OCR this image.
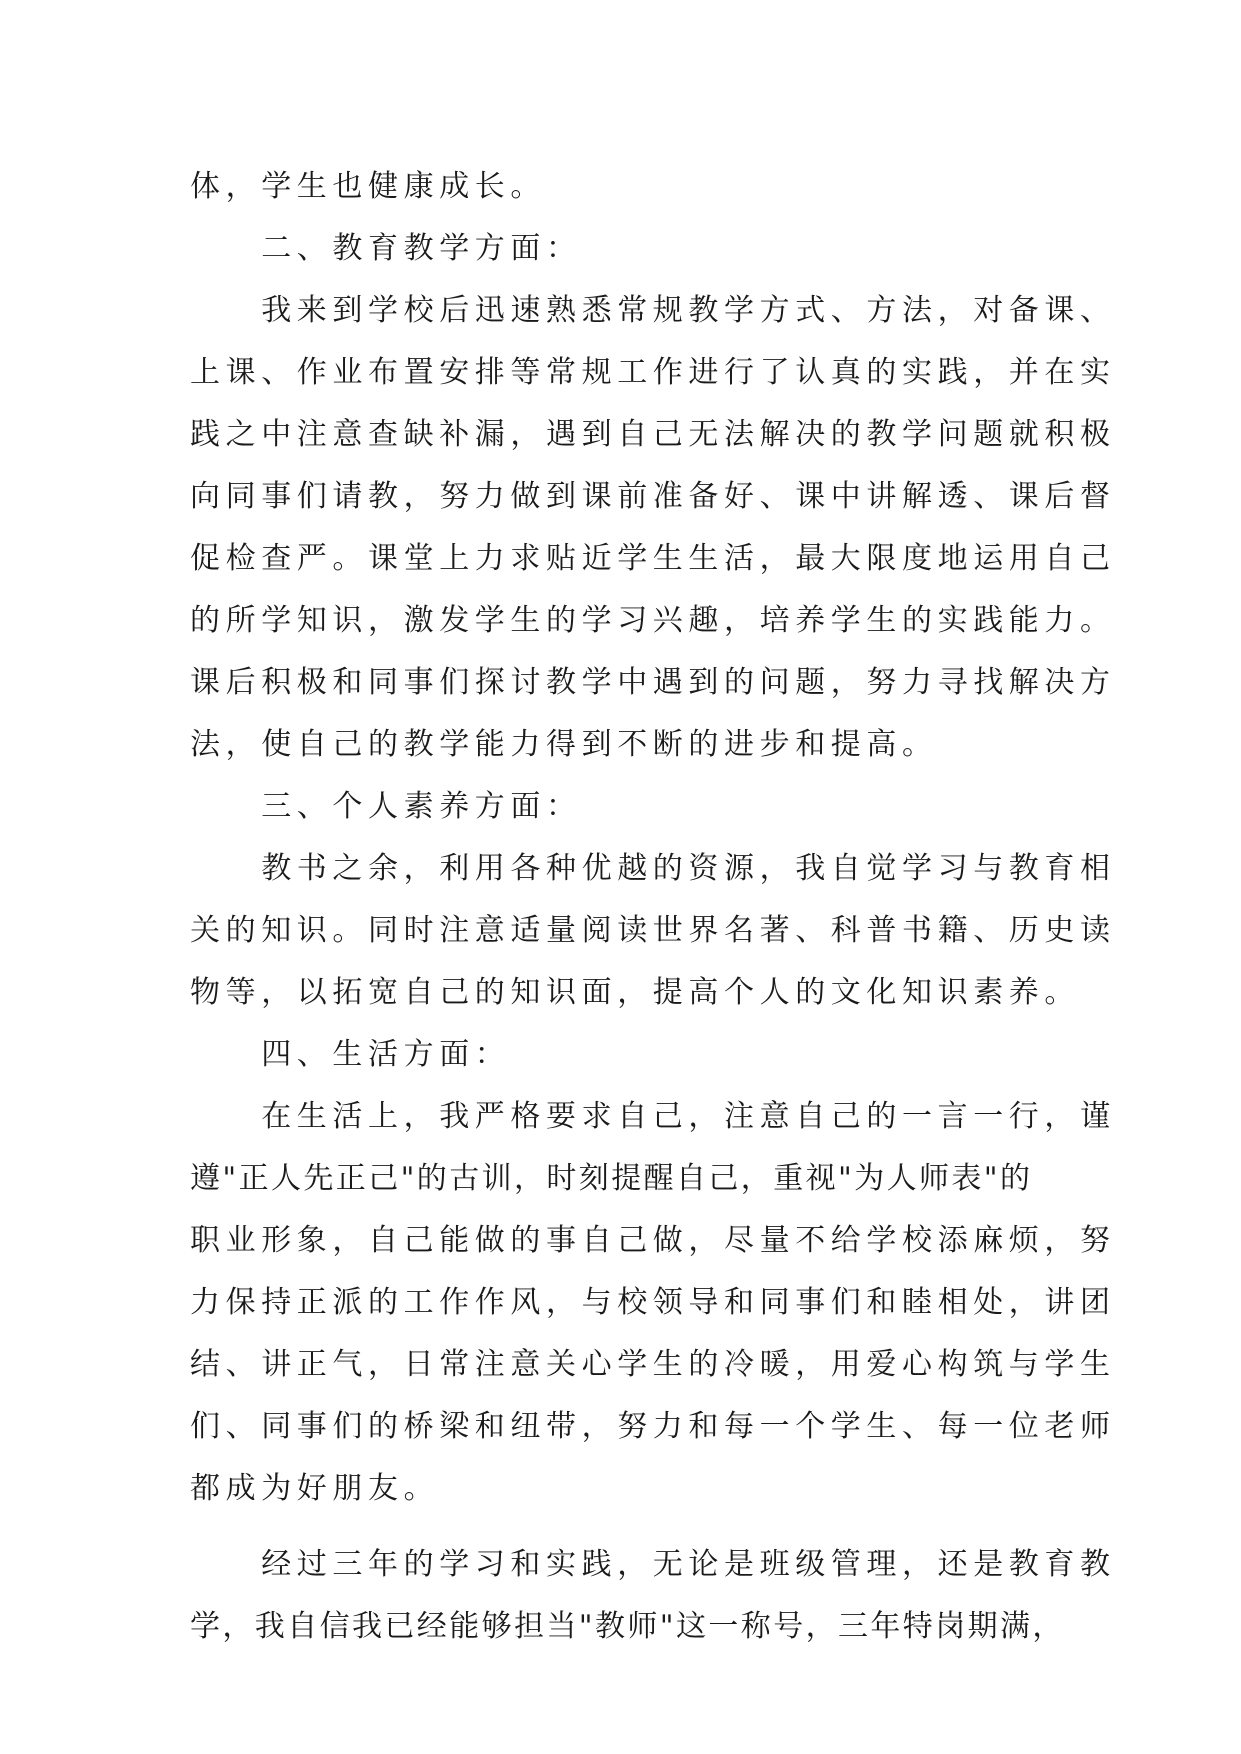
体，学生也健康成长。
　　二、教育教学方面：
　　我来到学校后迅速熟悉常规教学方式、方法，对备课、
上课、作业布置安排等常规工作进行了认真的实践，并在实
践之中注意查缺补漏，遇到自己无法解决的教学问题就积极
向同事们请教，努力做到课前准备好、课中讲解透、课后督
促检查严。课堂上力求贴近学生生活，最大限度地运用自己
的所学知识，激发学生的学习兴趣，培养学生的实践能力。
课后积极和同事们探讨教学中遇到的问题，努力寻找解决方
法，使自己的教学能力得到不断的进步和提高。
　　三、个人素养方面：
　　教书之余，利用各种优越的资源，我自觉学习与教育相
关的知识。同时注意适量阅读世界名著、科普书籍、历史读
物等，以拓宽自己的知识面，提高个人的文化知识素养。
　　四、生活方面：
　　在生活上，我严格要求自己，注意自己的一言一行，谨
遵"正人先正己"的古训，时刻提醒自己，重视"为人师表"的
职业形象，自己能做的事自己做，尽量不给学校添麻烦，努
力保持正派的工作作风，与校领导和同事们和睦相处，讲团
结、讲正气，日常注意关心学生的冷暖，用爱心构筑与学生
们、同事们的桥梁和纽带，努力和每一个学生、每一位老师
都成为好朋友。
　　经过三年的学习和实践，无论是班级管理，还是教育教
学，我自信我已经能够担当"教师"这一称号，三年特岗期满，
